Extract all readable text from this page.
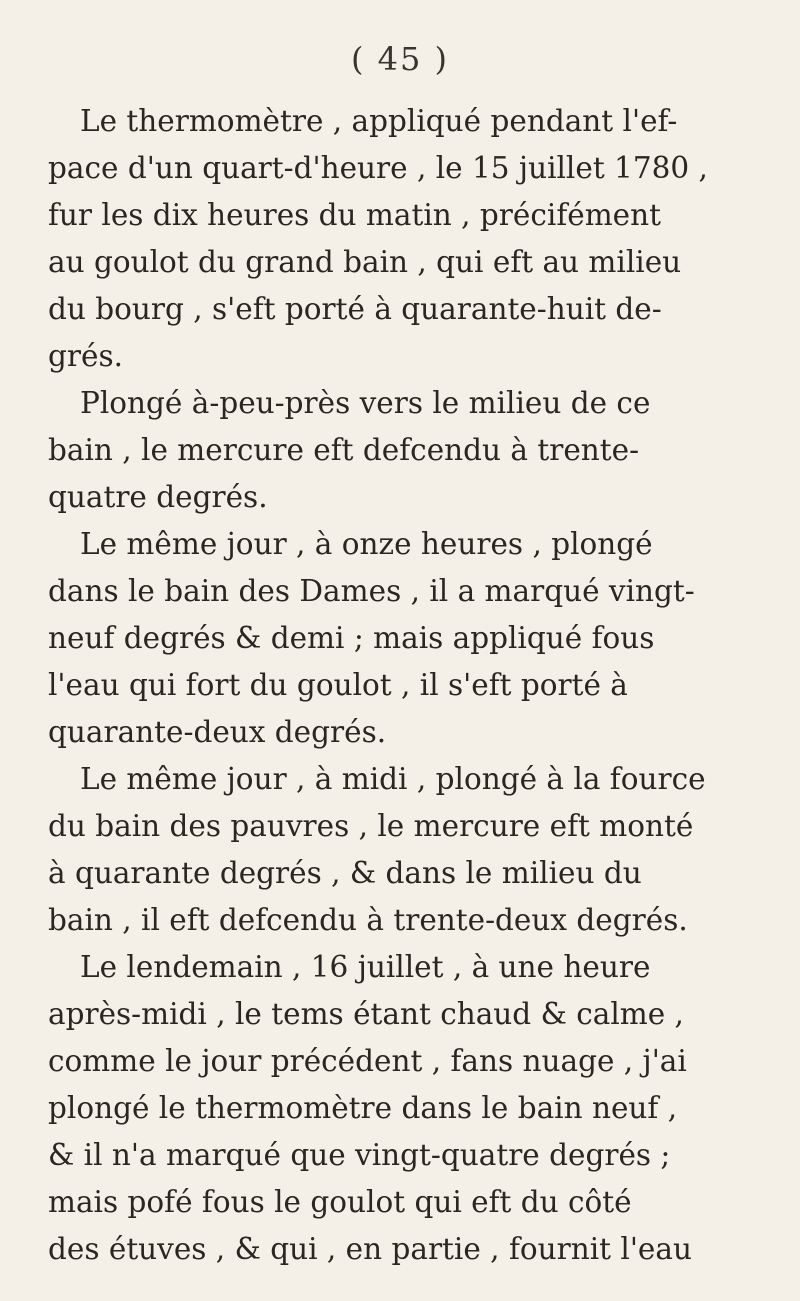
( 45 )
Le thermomètre , appliqué pendant l'ef-
pace d'un quart-d'heure , le 15 juillet 1780 ,
fur les dix heures du matin , précifément
au goulot du grand bain , qui eft au milieu
du bourg , s'eft porté à quarante-huit de-
grés.
Plongé à-peu-près vers le milieu de ce
bain , le mercure eft defcendu à trente-
quatre degrés.
Le même jour , à onze heures , plongé
dans le bain des Dames , il a marqué vingt-
neuf degrés & demi ; mais appliqué fous
l'eau qui fort du goulot , il s'eft porté à
quarante-deux degrés.
Le même jour , à midi , plongé à la fource
du bain des pauvres , le mercure eft monté
à quarante degrés , & dans le milieu du
bain , il eft defcendu à trente-deux degrés.
Le lendemain , 16 juillet , à une heure
après-midi , le tems étant chaud & calme ,
comme le jour précédent , fans nuage , j'ai
plongé le thermomètre dans le bain neuf ,
& il n'a marqué que vingt-quatre degrés ;
mais pofé fous le goulot qui eft du côté
des étuves , & qui , en partie , fournit l'eau
